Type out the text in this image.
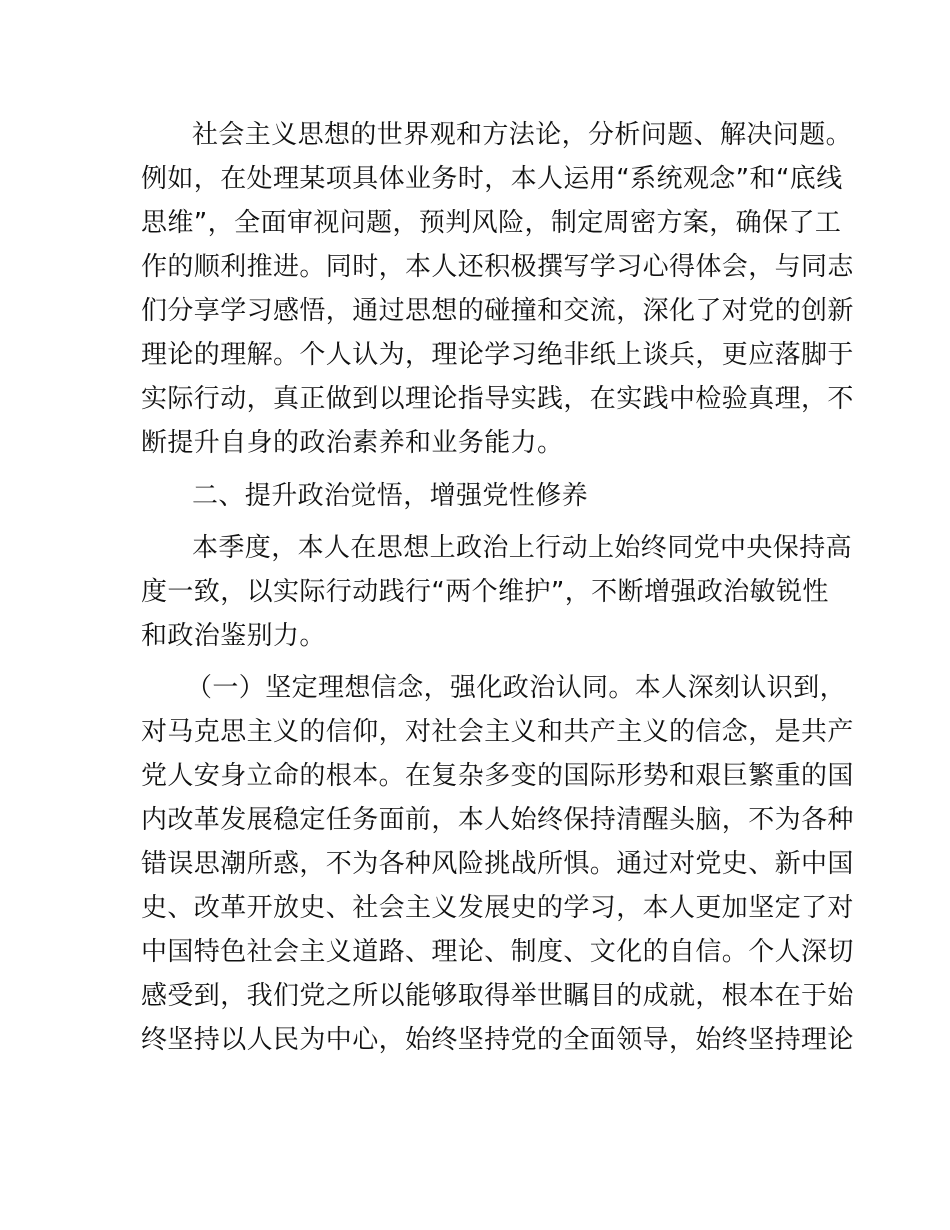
社会主义思想的世界观和方法论，分析问题、解决问题。
例如，在处理某项具体业务时，本人运用“系统观念”和“底线
思维”，全面审视问题，预判风险，制定周密方案，确保了工
作的顺利推进。同时，本人还积极撰写学习心得体会，与同志
们分享学习感悟，通过思想的碰撞和交流，深化了对党的创新
理论的理解。个人认为，理论学习绝非纸上谈兵，更应落脚于
实际行动，真正做到以理论指导实践，在实践中检验真理，不
断提升自身的政治素养和业务能力。
二、提升政治觉悟，增强党性修养
本季度，本人在思想上政治上行动上始终同党中央保持高
度一致，以实际行动践行“两个维护”，不断增强政治敏锐性
和政治鉴别力。
（一）坚定理想信念，强化政治认同。本人深刻认识到，
对马克思主义的信仰，对社会主义和共产主义的信念，是共产
党人安身立命的根本。在复杂多变的国际形势和艰巨繁重的国
内改革发展稳定任务面前，本人始终保持清醒头脑，不为各种
错误思潮所惑，不为各种风险挑战所惧。通过对党史、新中国
史、改革开放史、社会主义发展史的学习，本人更加坚定了对
中国特色社会主义道路、理论、制度、文化的自信。个人深切
感受到，我们党之所以能够取得举世瞩目的成就，根本在于始
终坚持以人民为中心，始终坚持党的全面领导，始终坚持理论
